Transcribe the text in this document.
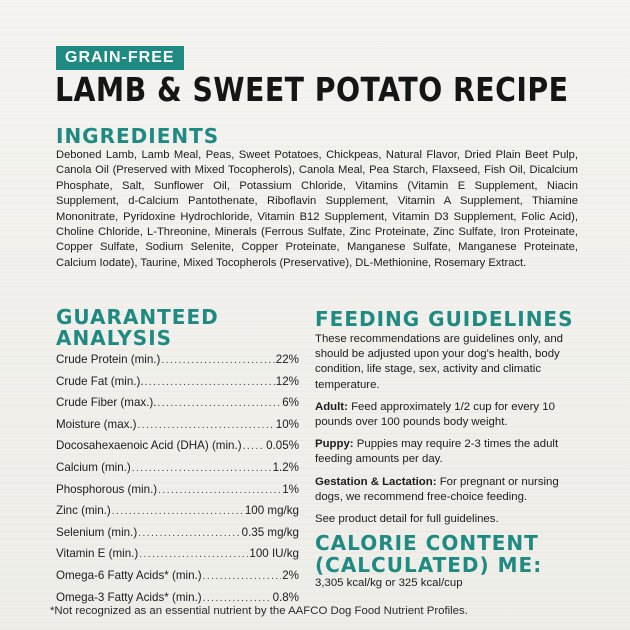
GRAIN-FREE
LAMB & SWEET POTATO RECIPE
INGREDIENTS
Deboned Lamb, Lamb Meal, Peas, Sweet Potatoes, Chickpeas, Natural Flavor, Dried Plain Beet Pulp, Canola Oil (Preserved with Mixed Tocopherols), Canola Meal, Pea Starch, Flaxseed, Fish Oil, Dicalcium Phosphate, Salt, Sunflower Oil, Potassium Chloride, Vitamins (Vitamin E Supplement, Niacin Supplement, d-Calcium Pantothenate, Riboflavin Supplement, Vitamin A Supplement, Thiamine Mononitrate, Pyridoxine Hydrochloride, Vitamin B12 Supplement, Vitamin D3 Supplement, Folic Acid), Choline Chloride, L-Threonine, Minerals (Ferrous Sulfate, Zinc Proteinate, Zinc Sulfate, Iron Proteinate, Copper Sulfate, Sodium Selenite, Copper Proteinate, Manganese Sulfate, Manganese Proteinate, Calcium Iodate), Taurine, Mixed Tocopherols (Preservative), DL-Methionine, Rosemary Extract.
GUARANTEED ANALYSIS
Crude Protein (min.) .....	22%
Crude Fat (min.). .....	12%
Crude Fiber (max.). .....	6%
Moisture (max.) .....	10%
Docosahexaenoic Acid (DHA) (min.) ..... 0.05%
Calcium (min.) .....	1.2%
Phosphorous (min.) .....	1%
Zinc (min.) .....	100 mg/kg
Selenium (min.) .....	0.35 mg/kg
Vitamin E (min.) .....	100 IU/kg
Omega-6 Fatty Acids* (min.) .....	2%
Omega-3 Fatty Acids* (min.) .....	0.8%
FEEDING GUIDELINES

These recommendations are guidelines only, and should be adjusted upon your dog's health, body condition, life stage, sex, activity and climatic temperature.

Adult: Feed approximately 1/2 cup for every 10 pounds over 100 pounds body weight.

Puppy: Puppies may require 2-3 times the adult feeding amounts per day.

Gestation & Lactation: For pregnant or nursing dogs, we recommend free-choice feeding.

See product detail for full guidelines.

CALORIE CONTENT (CALCULATED) ME:
3,305 kcal/kg or 325 kcal/cup
*Not recognized as an essential nutrient by the AAFCO Dog Food Nutrient Profiles.
